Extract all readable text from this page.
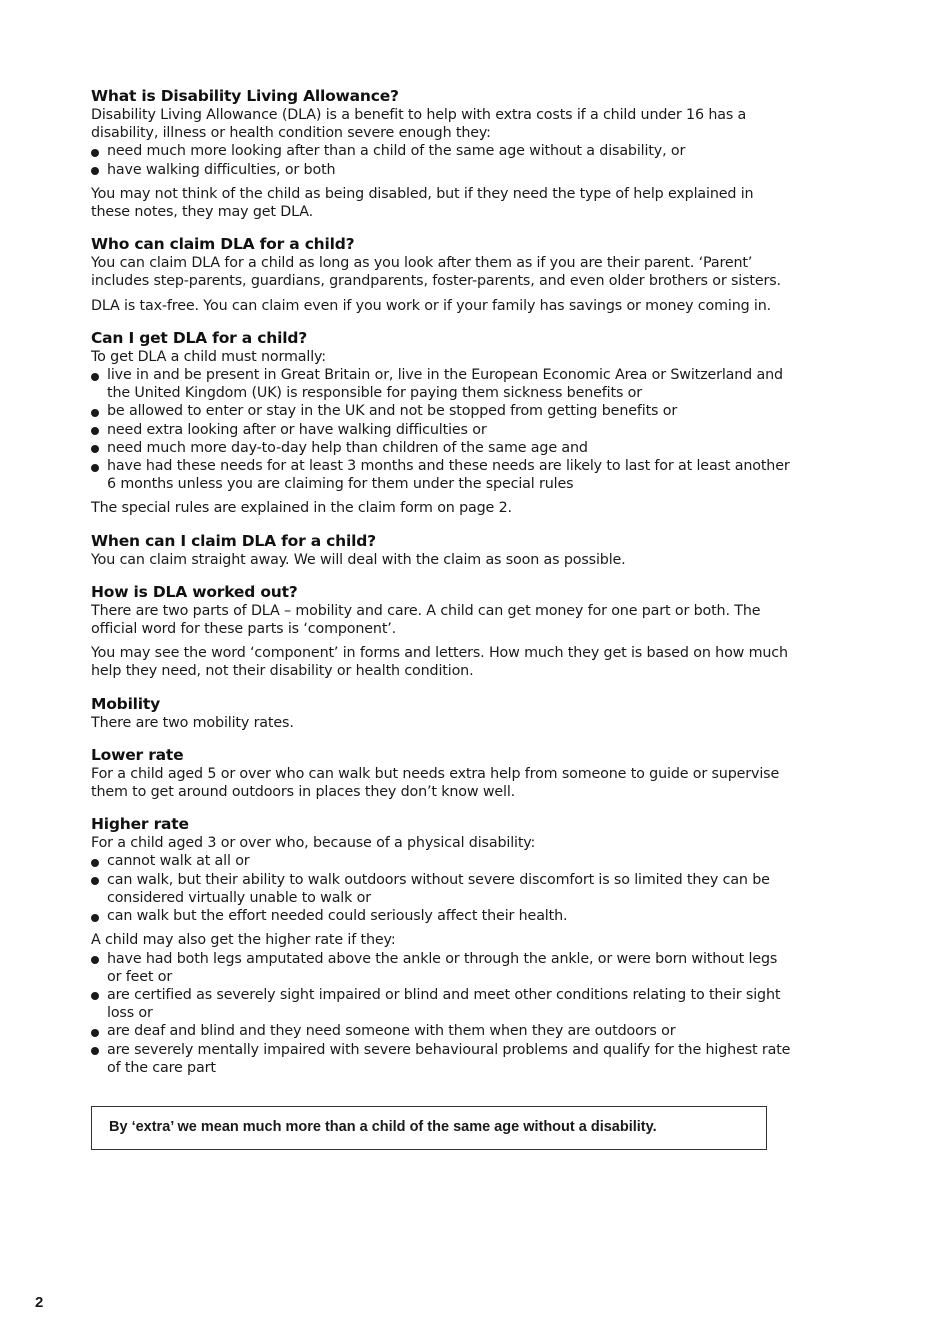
What is Disability Living Allowance?

Disability Living Allowance (DLA) is a benefit to help with extra costs if a child under 16 has a disability, illness or health condition severe enough they:

need much more looking after than a child of the same age without a disability, or
have walking difficulties, or both

You may not think of the child as being disabled, but if they need the type of help explained in these notes, they may get DLA.

Who can claim DLA for a child?

You can claim DLA for a child as long as you look after them as if you are their parent. ‘Parent’ includes step-parents, guardians, grandparents, foster-parents, and even older brothers or sisters.

DLA is tax-free. You can claim even if you work or if your family has savings or money coming in.

Can I get DLA for a child?

To get DLA a child must normally:

live in and be present in Great Britain or, live in the European Economic Area or Switzerland and the United Kingdom (UK) is responsible for paying them sickness benefits or
be allowed to enter or stay in the UK and not be stopped from getting benefits or
need extra looking after or have walking difficulties or
need much more day-to-day help than children of the same age and
have had these needs for at least 3 months and these needs are likely to last for at least another 6 months unless you are claiming for them under the special rules

The special rules are explained in the claim form on page 2.

When can I claim DLA for a child?

You can claim straight away. We will deal with the claim as soon as possible.

How is DLA worked out?

There are two parts of DLA – mobility and care. A child can get money for one part or both. The official word for these parts is ‘component’.

You may see the word ‘component’ in forms and letters. How much they get is based on how much help they need, not their disability or health condition.

Mobility

There are two mobility rates.

Lower rate

For a child aged 5 or over who can walk but needs extra help from someone to guide or supervise them to get around outdoors in places they don’t know well.

Higher rate

For a child aged 3 or over who, because of a physical disability:

cannot walk at all or
can walk, but their ability to walk outdoors without severe discomfort is so limited they can be considered virtually unable to walk or
can walk but the effort needed could seriously affect their health.

A child may also get the higher rate if they:

have had both legs amputated above the ankle or through the ankle, or were born without legs or feet or
are certified as severely sight impaired or blind and meet other conditions relating to their sight loss or
are deaf and blind and they need someone with them when they are outdoors or
are severely mentally impaired with severe behavioural problems and qualify for the highest rate of the care part
By ‘extra’ we mean much more than a child of the same age without a disability.
2
